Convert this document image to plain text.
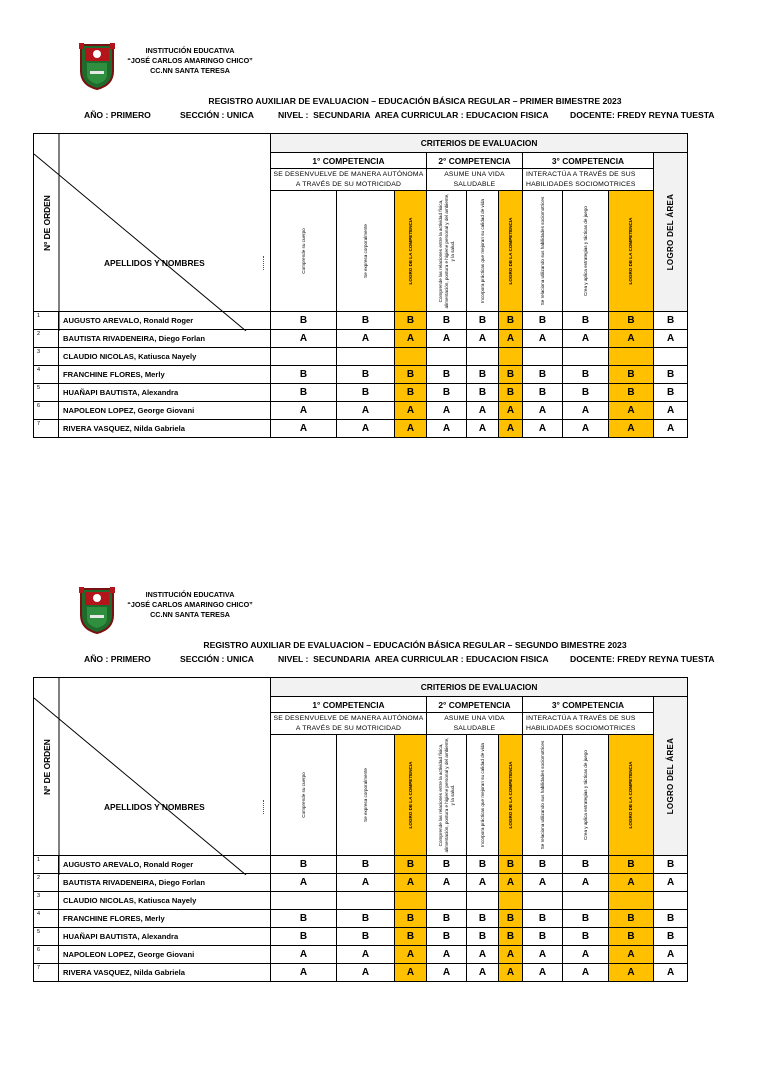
INSTITUCIÓN EDUCATIVA
“JOSÉ CARLOS AMARINGO CHICO”
CC.NN SANTA TERESA
REGISTRO AUXILIAR DE EVALUACION – EDUCACIÓN BÁSICA REGULAR – PRIMER BIMESTRE 2023
AÑO : PRIMERO	SECCIÓN : UNICA	NIVEL :  SECUNDARIA  AREA CURRICULAR : EDUCACION FISICA DOCENTE: FREDY REYNA TUESTA
Nº DE ORDEN
APELLIDOS Y NOMBRES		CRITERIOS DE EVALUACION									
		1° COMPETENCIA			2° COMPETENCIA			3° COMPETENCIA			LOGRO DEL ÁREA

		SE DESENVUELVE DE MANERA AUTÓNOMA
A TRAVÉS DE SU MOTRICIDAD			ASUME UNA VIDA
SALUDABLE			INTERACTÚA A TRAVÉS DE SUS
HABILIDADES SOCIOMOTRICES			

		Comprende su cuerpo	Se expresa corporalmente	LOGRO DE LA COMPETENCIA	Comprende las relaciones entre la actividad física, alimentación, postura e higiene personal y del ambiente, y la salud.	Incorpora prácticas que mejoran su calidad de vida	LOGRO DE LA COMPETENCIA	Se relaciona utilizando sus habilidades sociomotrices	Crea y aplica estrategias y tácticas de juego	LOGRO DE LA COMPETENCIA	

1	AUGUSTO AREVALO, Ronald Roger	B	B	B	B	B	B	B	B	B	B
2	BAUTISTA RIVADENEIRA, Diego Forlan	A	A	A	A	A	A	A	A	A	A
3	CLAUDIO NICOLAS, Katiusca Nayely										
4	FRANCHINE FLORES, Merly	B	B	B	B	B	B	B	B	B	B
5	HUAÑAPI BAUTISTA, Alexandra	B	B	B	B	B	B	B	B	B	B
6	NAPOLEON LOPEZ, George Giovani	A	A	A	A	A	A	A	A	A	A
7	RIVERA VASQUEZ, Nilda Gabriela	A	A	A	A	A	A	A	A	A	A
INSTITUCIÓN EDUCATIVA
“JOSÉ CARLOS AMARINGO CHICO”
CC.NN SANTA TERESA
REGISTRO AUXILIAR DE EVALUACION – EDUCACIÓN BÁSICA REGULAR – SEGUNDO BIMESTRE 2023
AÑO : PRIMERO	SECCIÓN : UNICA	NIVEL :  SECUNDARIA  AREA CURRICULAR : EDUCACION FISICA DOCENTE: FREDY REYNA TUESTA
Nº DE ORDEN
APELLIDOS Y NOMBRES		CRITERIOS DE EVALUACION									
		1° COMPETENCIA			2° COMPETENCIA			3° COMPETENCIA			LOGRO DEL ÁREA

		SE DESENVUELVE DE MANERA AUTÓNOMA
A TRAVÉS DE SU MOTRICIDAD			ASUME UNA VIDA
SALUDABLE			INTERACTÚA A TRAVÉS DE SUS
HABILIDADES SOCIOMOTRICES			

		Comprende su cuerpo	Se expresa corporalmente	LOGRO DE LA COMPETENCIA	Comprende las relaciones entre la actividad física, alimentación, postura e higiene personal y del ambiente, y la salud.	Incorpora prácticas que mejoran su calidad de vida	LOGRO DE LA COMPETENCIA	Se relaciona utilizando sus habilidades sociomotrices	Crea y aplica estrategias y tácticas de juego	LOGRO DE LA COMPETENCIA	

1	AUGUSTO AREVALO, Ronald Roger	B	B	B	B	B	B	B	B	B	B
2	BAUTISTA RIVADENEIRA, Diego Forlan	A	A	A	A	A	A	A	A	A	A
3	CLAUDIO NICOLAS, Katiusca Nayely										
4	FRANCHINE FLORES, Merly	B	B	B	B	B	B	B	B	B	B
5	HUAÑAPI BAUTISTA, Alexandra	B	B	B	B	B	B	B	B	B	B
6	NAPOLEON LOPEZ, George Giovani	A	A	A	A	A	A	A	A	A	A
7	RIVERA VASQUEZ, Nilda Gabriela	A	A	A	A	A	A	A	A	A	A
